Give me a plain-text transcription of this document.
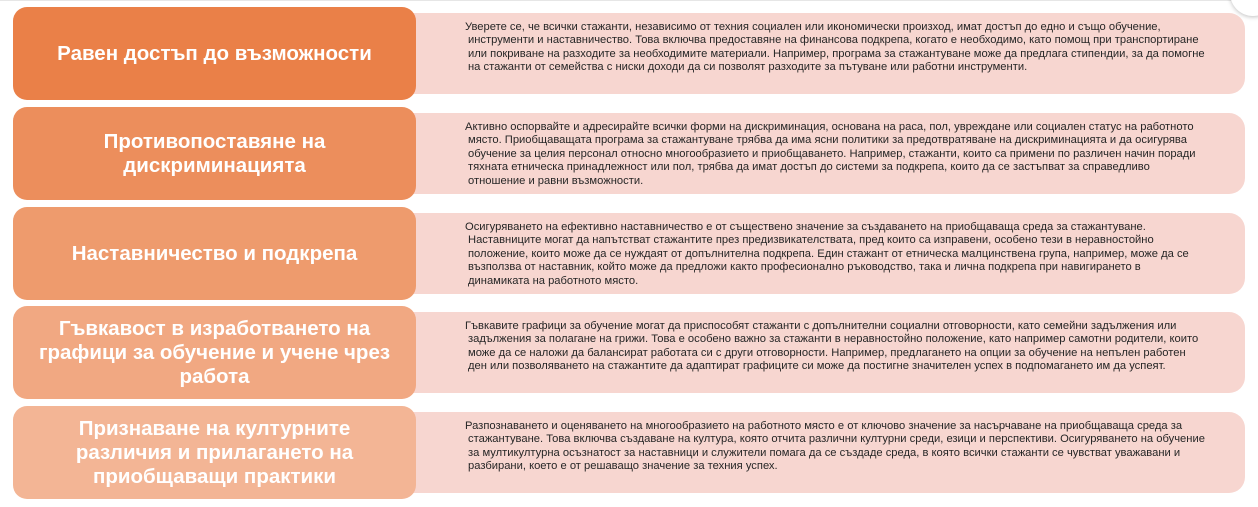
Уверете се, че всички стажанти, независимо от техния социален или икономически произход, имат достъп до едно и също обучение, инструменти и наставничество. Това включва предоставяне на финансова подкрепа, когато е необходимо, като помощ при транспортиране или покриване на разходите за необходимите материали. Например, програма за стажантуване може да предлага стипендии, за да помогне на стажанти от семейства с ниски доходи да си позволят разходите за пътуване или работни инструменти.

Равен достъп до възможности

Активно оспорвайте и адресирайте всички форми на дискриминация, основана на раса, пол, увреждане или социален статус на работното място. Приобщаващата програма за стажантуване трябва да има ясни политики за предотвратяване на дискриминацията и да осигурява обучение за целия персонал относно многообразието и приобщаването. Например, стажанти, които са примени по различен начин поради тяхната етническа принадлежност или пол, трябва да имат достъп до системи за подкрепа, които да се застъпват за справедливо отношение и равни възможности.

Противопоставяне на дискриминацията

Осигуряването на ефективно наставничество е от съществено значение за създаването на приобщаваща среда за стажантуване. Наставниците могат да напътстват стажантите през предизвикателствата, пред които са изправени, особено тези в неравностойно положение, които може да се нуждаят от допълнителна подкрепа. Един стажант от етническа малцинствена група, например, може да се възползва от наставник, който може да предложи както професионално ръководство, така и лична подкрепа при навигирането в динамиката на работното място.

Наставничество и подкрепа

Гъвкавите графици за обучение могат да приспособят стажанти с допълнителни социални отговорности, като семейни задължения или задължения за полагане на грижи. Това е особено важно за стажанти в неравностойно положение, като например самотни родители, които може да се наложи да балансират работата си с други отговорности. Например, предлагането на опции за обучение на непълен работен ден или позволяването на стажантите да адаптират графиците си може да постигне значителен успех в подпомагането им да успеят.

Гъвкавост в изработването на графици за обучение и учене чрез работа

Разпознаването и оценяването на многообразието на работното място е от ключово значение за насърчаване на приобщаваща среда за стажантуване. Това включва създаване на култура, която отчита различни културни среди, езици и перспективи. Осигуряването на обучение за мултикултурна осъзнатост за наставници и служители помага да се създаде среда, в която всички стажанти се чувстват уважавани и разбирани, което е от решаващо значение за техния успех.

Признаване на културните различия и прилагането на приобщаващи практики
